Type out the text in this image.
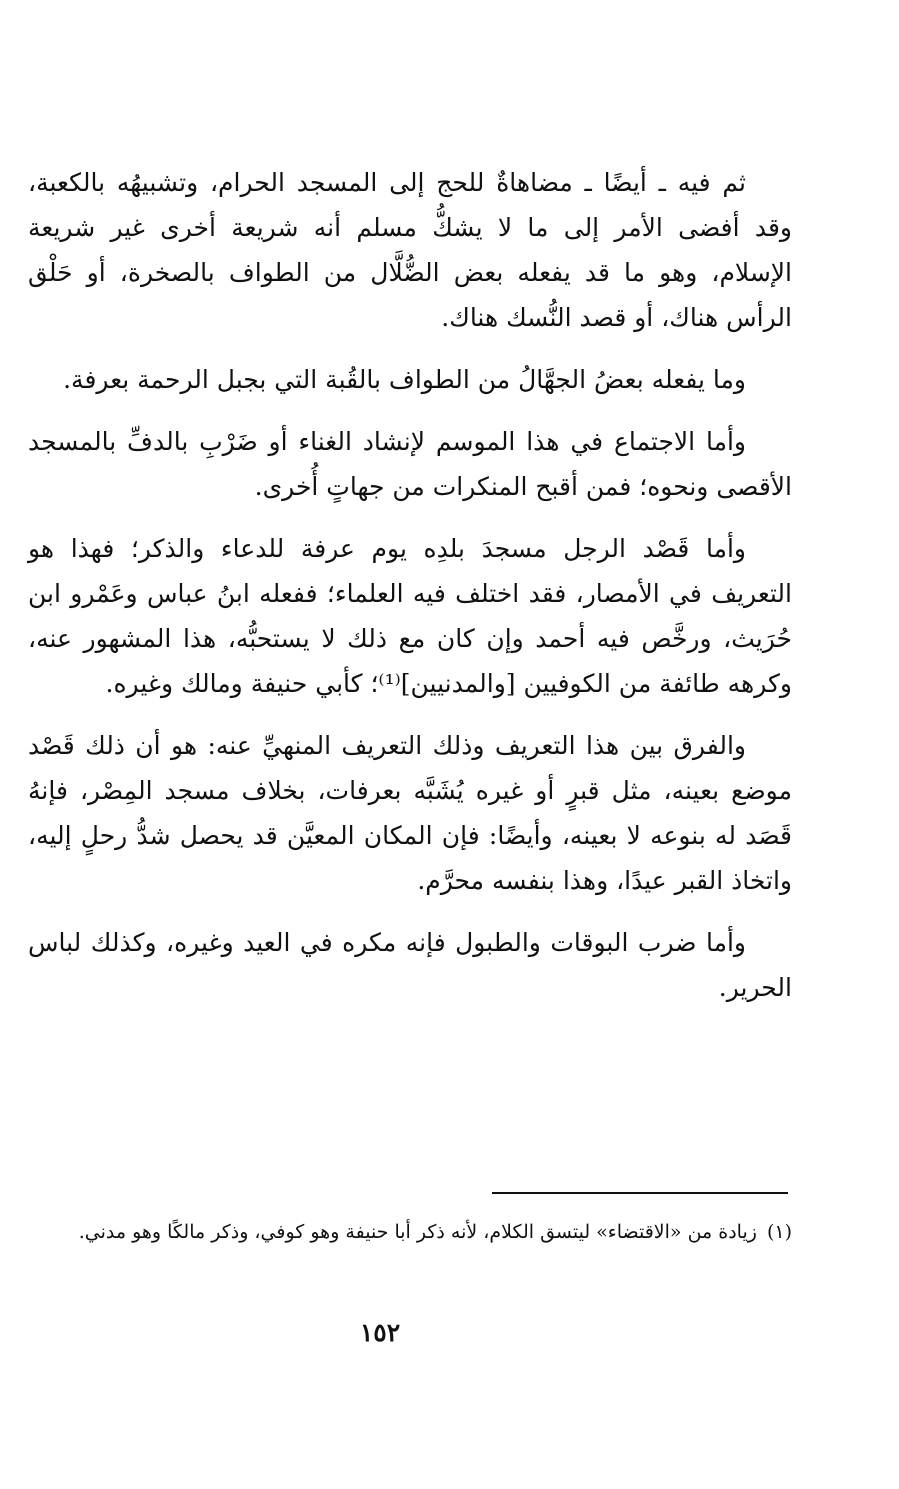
ثم فيه ـ أيضًا ـ مضاهاةٌ للحج إلى المسجد الحرام، وتشبيهُه بالكعبة، وقد أفضى الأمر إلى ما لا يشكُّ مسلم أنه شريعة أخرى غير شريعة الإسلام، وهو ما قد يفعله بعض الضُّلَّال من الطواف بالصخرة، أو حَلْق الرأس هناك، أو قصد النُّسك هناك.

وما يفعله بعضُ الجهَّالُ من الطواف بالقُبة التي بجبل الرحمة بعرفة.

وأما الاجتماع في هذا الموسم لإنشاد الغناء أو ضَرْبِ بالدفِّ بالمسجد الأقصى ونحوه؛ فمن أقبح المنكرات من جهاتٍ أُخرى.

وأما قَصْد الرجل مسجدَ بلدِه يوم عرفة للدعاء والذكر؛ فهذا هو التعريف في الأمصار، فقد اختلف فيه العلماء؛ ففعله ابنُ عباس وعَمْرو ابن حُرَيث، ورخَّص فيه أحمد وإن كان مع ذلك لا يستحبُّه، هذا المشهور عنه، وكرهه طائفة من الكوفيين [والمدنيين]⁽¹⁾؛ كأبي حنيفة ومالك وغيره.

والفرق بين هذا التعريف وذلك التعريف المنهيِّ عنه: هو أن ذلك قَصْد موضع بعينه، مثل قبرٍ أو غيره يُشَبَّه بعرفات، بخلاف مسجد المِصْر، فإنهُ قَصَد له بنوعه لا بعينه، وأيضًا: فإن المكان المعيَّن قد يحصل شدُّ رحلٍ إليه، واتخاذ القبر عيدًا، وهذا بنفسه محرَّم.

وأما ضرب البوقات والطبول فإنه مكره في العيد وغيره، وكذلك لباس الحرير.

(١)زيادة من «الاقتضاء» ليتسق الكلام، لأنه ذكر أبا حنيفة وهو كوفي، وذكر مالكًا وهو مدني.
١٥٢
